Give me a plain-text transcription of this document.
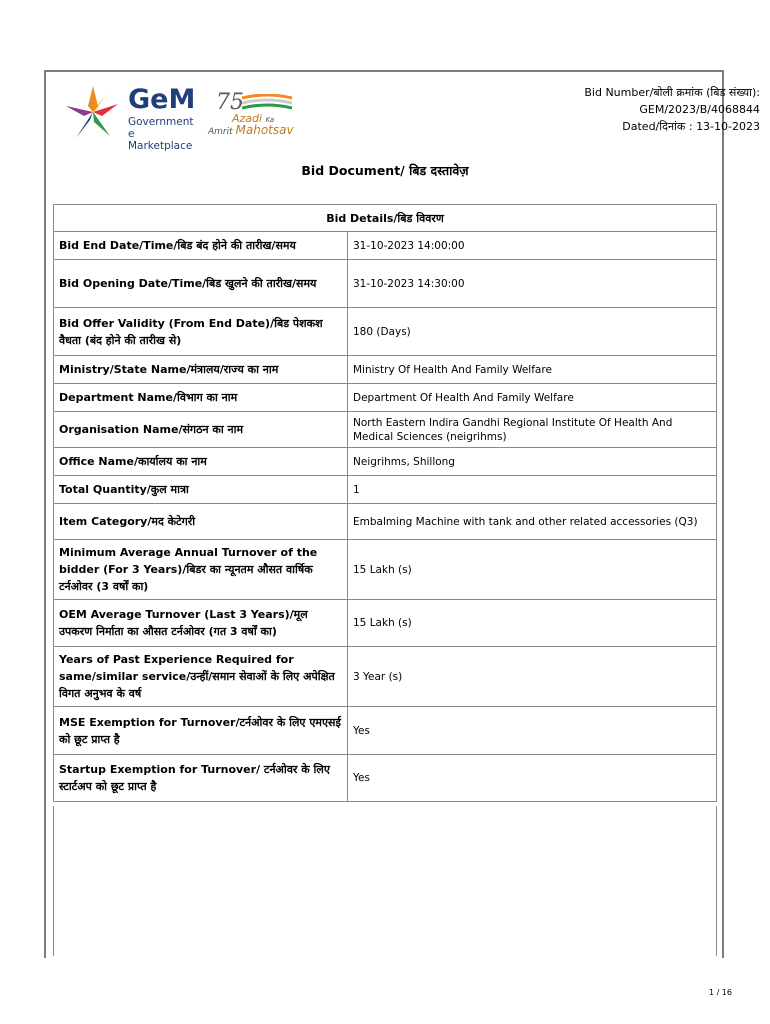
GeM
Government
e Marketplace
75
Azadi Ka
Amrit Mahotsav
Bid Number/बोली क्रमांक (बिड संख्या):
GEM/2023/B/4068844
Dated/दिनांक : 13-10-2023
Bid Document/ बिड दस्तावेज़
Bid Details/बिड विवरण	
Bid End Date/Time/बिड बंद होने की तारीख/समय	31-10-2023 14:00:00
Bid Opening Date/Time/बिड खुलने की तारीख/समय	31-10-2023 14:30:00
Bid Offer Validity (From End Date)/बिड पेशकश वैधता (बंद होने की तारीख से)	180 (Days)
Ministry/State Name/मंत्रालय/राज्य का नाम	Ministry Of Health And Family Welfare
Department Name/विभाग का नाम	Department Of Health And Family Welfare
Organisation Name/संगठन का नाम	North Eastern Indira Gandhi Regional Institute Of Health And Medical Sciences (neigrihms)
Office Name/कार्यालय का नाम	Neigrihms, Shillong
Total Quantity/कुल मात्रा	1
Item Category/मद केटेगरी	Embalming Machine with tank and other related accessories (Q3)
Minimum Average Annual Turnover of the bidder (For 3 Years)/बिडर का न्यूनतम औसत वार्षिक टर्नओवर (3 वर्षों का)	15 Lakh (s)
OEM Average Turnover (Last 3 Years)/मूल उपकरण निर्माता का औसत टर्नओवर (गत 3 वर्षों का)	15 Lakh (s)
Years of Past Experience Required for same/similar service/उन्हीं/समान सेवाओं के लिए अपेक्षित विगत अनुभव के वर्ष	3 Year (s)
MSE Exemption for Turnover/टर्नओवर के लिए एमएसई को छूट प्राप्त है	Yes
Startup Exemption for Turnover/ टर्नओवर के लिए स्टार्टअप को छूट प्राप्त है	Yes
1 / 16
